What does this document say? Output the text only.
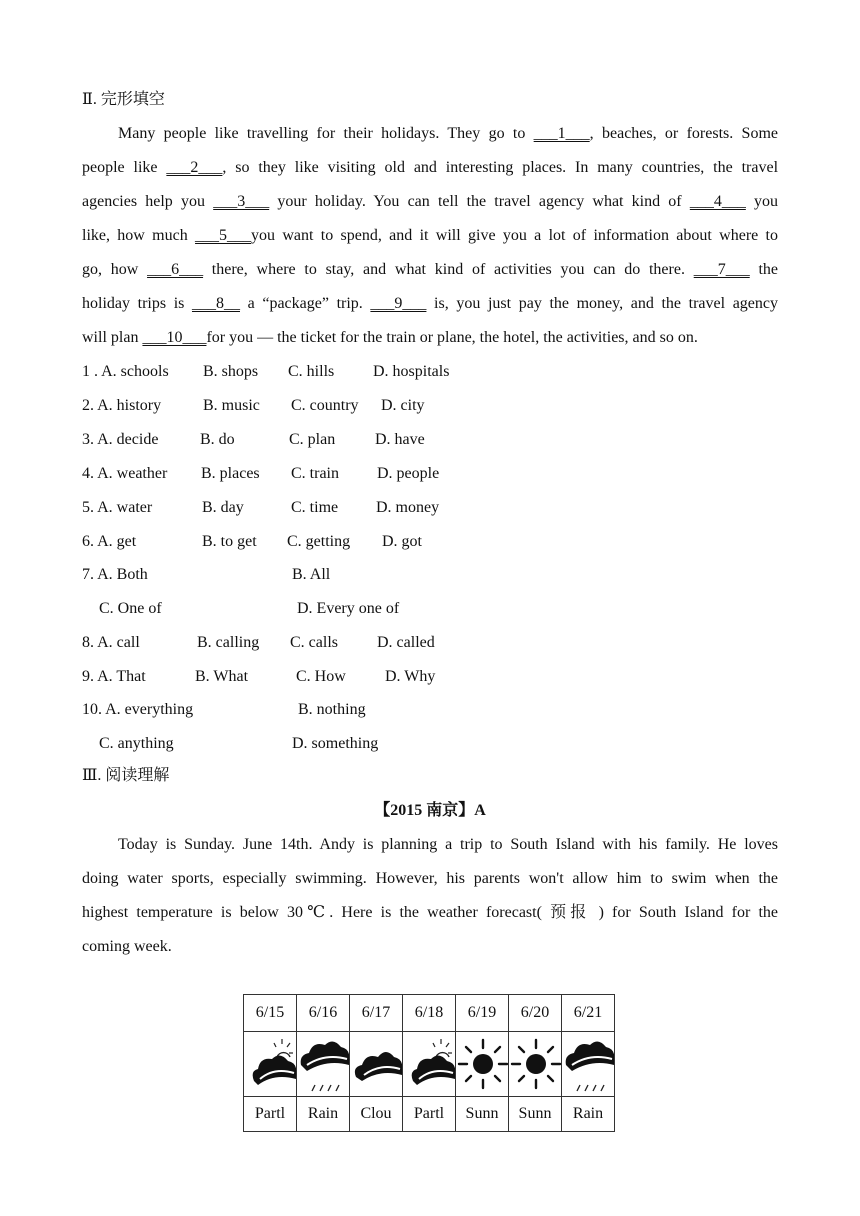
Ⅱ. 完形填空
Many people like travelling for their holidays. They go to ___1___, beaches, or forests. Some
people like ___2___, so they like visiting old and interesting places. In many countries, the travel
agencies help you ___3___ your holiday. You can tell the travel agency what kind of ___4___ you
like, how much ___5___you want to spend, and it will give you a lot of information about where to
go, how ___6___ there, where to stay, and what kind of activities you can do there. ___7___ the
holiday trips is ___8__ a “package” trip. ___9___ is, you just pay the money, and the travel agency
will plan ___10___for you — the ticket for the train or plane, the hotel, the activities, and so on.
1 . A. schools B. shops C. hills D. hospitals
2. A. history	B. music C. country D. city
3. A. decide	B. do	C. plan D. have
4. A. weather B. places C. train D. people
5. A. water	B. day	C. time D. money
6. A. get	B. to get C. getting D. got
7. A. Both	B. All
C. One of	D. Every one of
8. A. call	B. calling C. calls D. called
9. A. That	B. What	C. How D. Why
10. A. everything	B. nothing
C. anything	D. something
Ⅲ. 阅读理解
【2015 南京】A
Today is Sunday. June 14th. Andy is planning a trip to South Island with his family. He loves
doing water sports, especially swimming. However, his parents won't allow him to swim when the
highest temperature is below 30℃. Here is the weather forecast( 预报 ) for South Island for the
coming week.
6/15	6/16	6/17	6/18	6/19	6/20	6/21

Partl	Rain	Clou	Partl	Sunn	Sunn	Rain
